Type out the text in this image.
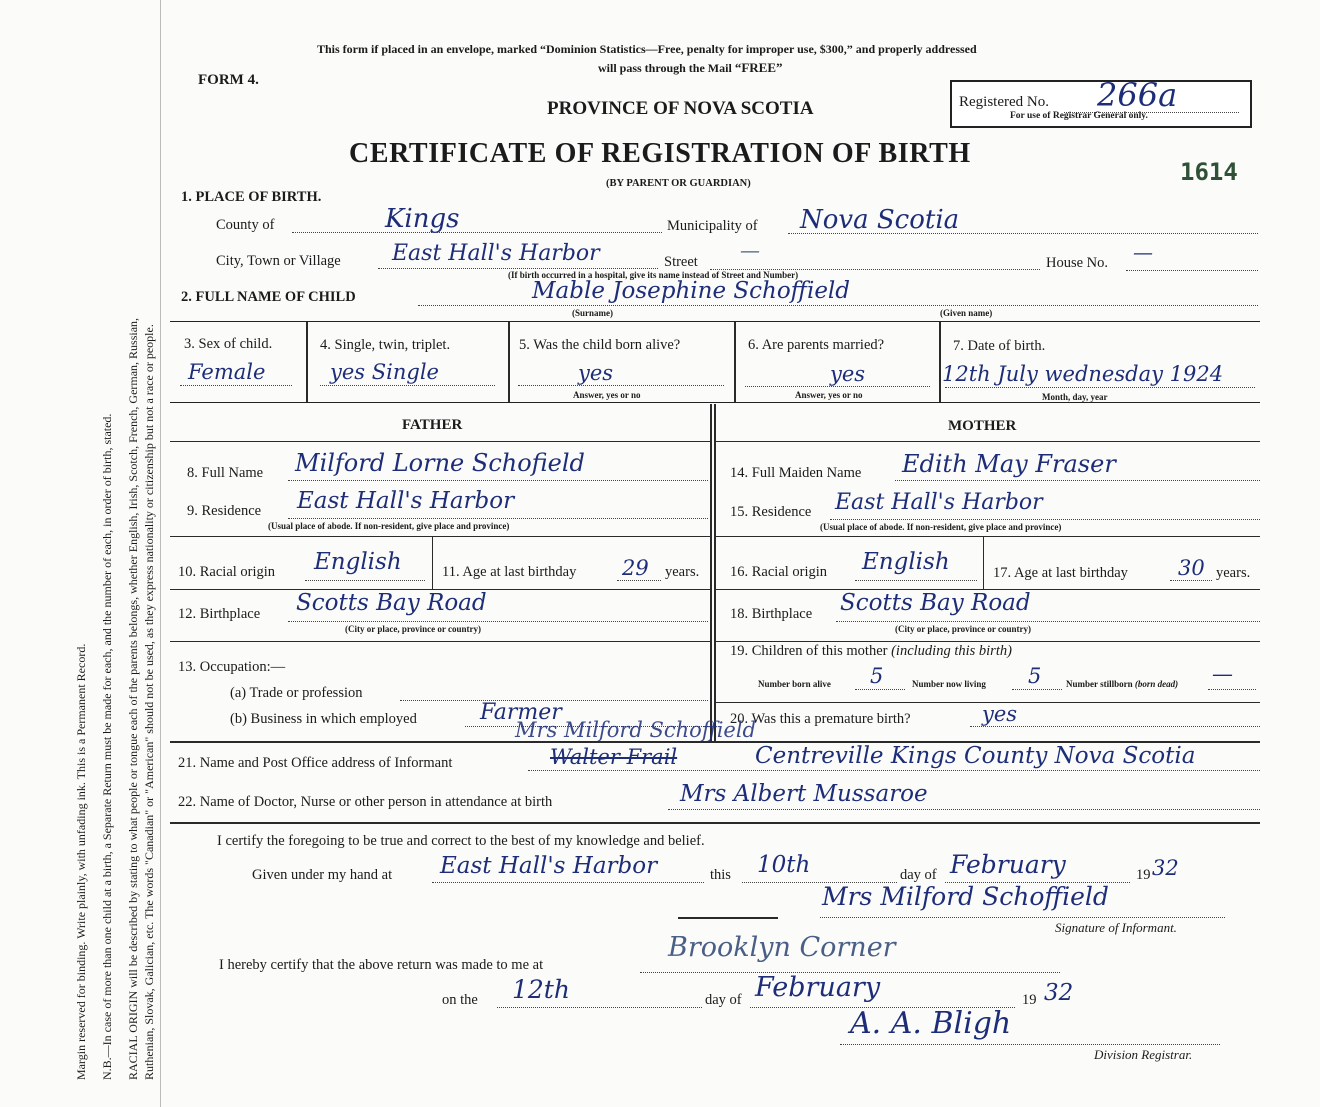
Margin reserved for binding. Write plainly, with unfading ink. This is a Permanent Record. N.B.—In case of more than one child at a birth, a Separate Return must be made for each, and the number of each, in order of birth, stated. RACIAL ORIGIN will be described by stating to what people or tongue each of the parents belongs, whether English, Irish, Scotch, French, German, Russian, Ruthenian, Slovak, Galician, etc. The words "Canadian" or "American" should not be used, as they express nationality or citizenship but not a race or people.
This form if placed in an envelope, marked “Dominion Statistics—Free, penalty for improper use, $300,” and properly addressed
will pass through the Mail “FREE”
FORM 4.
PROVINCE OF NOVA SCOTIA
CERTIFICATE OF REGISTRATION OF BIRTH
(BY PARENT OR GUARDIAN)
Registered No. 266a
For use of Registrar General only.
1614
1. PLACE OF BIRTH.
County of	Kings	Municipality of Nova Scotia
City, Town or Village East Hall's Harbor	Street —
House No. —
(If birth occurred in a hospital, give its name instead of Street and Number)
2. FULL NAME OF CHILD	Mable Josephine Schoffield
(Surname)	(Given name)
3. Sex of child.
Female
4. Single, twin, triplet.
yes Single
5. Was the child born alive?
yes
Answer, yes or no
6. Are parents married?
yes
Answer, yes or no
7. Date of birth.
12th July wednesday 1924
Month, day, year
FATHER	MOTHER
8. Full Name Milford Lorne Schofield
9. Residence East Hall's Harbor
(Usual place of abode. If non-resident, give place and province)
10. Racial origin English	11. Age at last birthday 29 years.
12. Birthplace Scotts Bay Road
(City or place, province or country)
13. Occupation:—
(a) Trade or profession
(b) Business in which employed	Farmer
14. Full Maiden Name Edith May Fraser
15. Residence East Hall's Harbor
(Usual place of abode. If non-resident, give place and province)
16. Racial origin English	17. Age at last birthday 30 years.
18. Birthplace Scotts Bay Road
(City or place, province or country)
19. Children of this mother (including this birth)
Number born alive 5	Number now living 5	Number stillborn (born dead) —
20. Was this a premature birth?	yes
21. Name and Post Office address of Informant
Mrs Milford Schoffield
Walter Frail	Centreville Kings County Nova Scotia
22. Name of Doctor, Nurse or other person in attendance at birth	Mrs Albert Mussaroe
I certify the foregoing to be true and correct to the best of my knowledge and belief.
Given under my hand at East Hall's Harbor	this 10th	day of February	19 32
Mrs Milford Schoffield
Signature of Informant.
I hereby certify that the above return was made to me at
Brooklyn Corner
on the 12th	day of February	19 32
A. A. Bligh
Division Registrar.
